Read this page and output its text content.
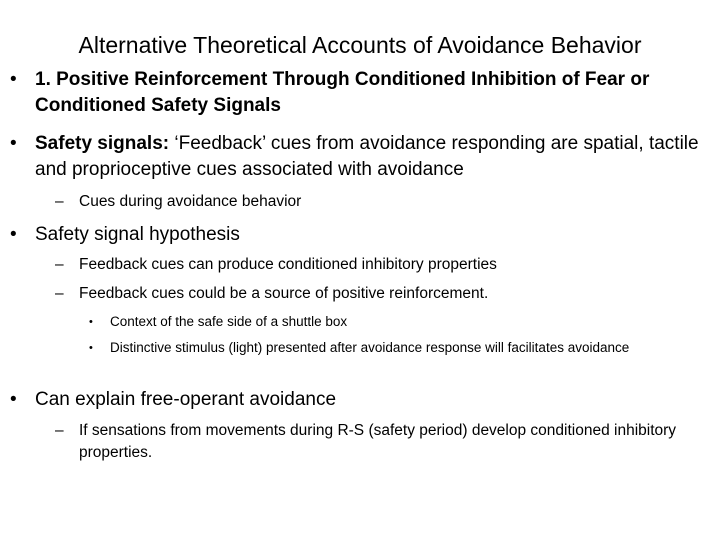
Alternative Theoretical Accounts of Avoidance Behavior
• 1. Positive Reinforcement Through Conditioned Inhibition of Fear or Conditioned Safety Signals
• Safety signals: ‘Feedback’ cues from avoidance responding are spatial, tactile and proprioceptive cues associated with avoidance
– Cues during avoidance behavior
• Safety signal hypothesis
– Feedback cues can produce conditioned inhibitory properties
– Feedback cues could be a source of positive reinforcement.
• Context of the safe side of a shuttle box
• Distinctive stimulus (light) presented after avoidance response will facilitates avoidance
• Can explain free-operant avoidance
– If sensations from movements during R-S (safety period) develop conditioned inhibitory properties.
